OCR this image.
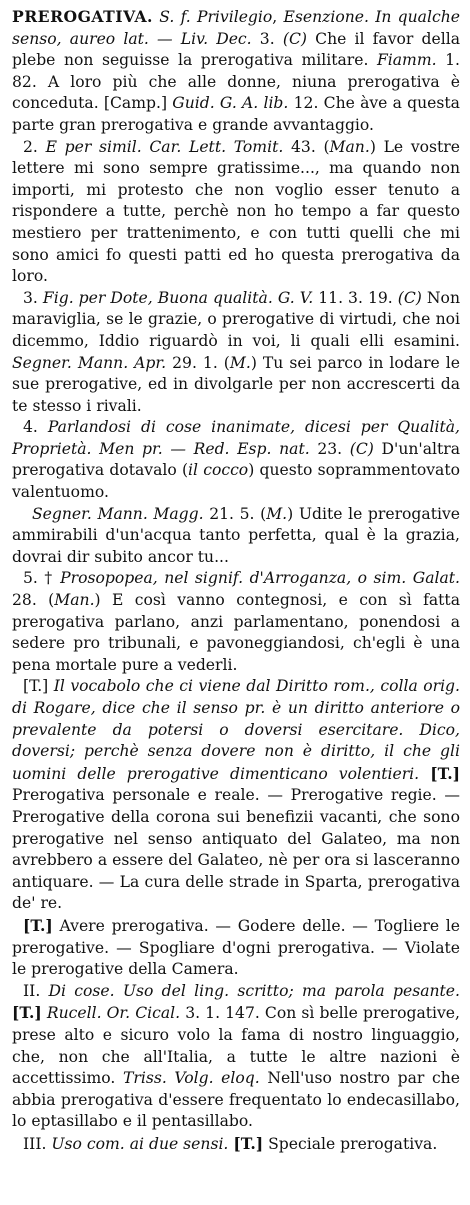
PREROGATIVA. S. f. Privilegio, Esenzione. In qualche senso, aureo lat. — Liv. Dec. 3. (C) Che il favor della plebe non seguisse la prerogativa militare. Fiamm. 1. 82. A loro più che alle donne, niuna prerogativa è conceduta. [Camp.] Guid. G. A. lib. 12. Che àve a questa parte gran prerogativa e grande avvantaggio.

2. E per simil. Car. Lett. Tomit. 43. (Man.) Le vostre lettere mi sono sempre gratissime..., ma quando non importi, mi protesto che non voglio esser tenuto a rispondere a tutte, perchè non ho tempo a far questo mestiero per trattenimento, e con tutti quelli che mi sono amici fo questi patti ed ho questa prerogativa da loro.

3. Fig. per Dote, Buona qualità. G. V. 11. 3. 19. (C) Non maraviglia, se le grazie, o prerogative di virtudi, che noi dicemmo, Iddio riguardò in voi, li quali elli esamini. Segner. Mann. Apr. 29. 1. (M.) Tu sei parco in lodare le sue prerogative, ed in divolgarle per non accrescerti da te stesso i rivali.

4. Parlandosi di cose inanimate, dicesi per Qualità, Proprietà. Men pr. — Red. Esp. nat. 23. (C) D'un'altra prerogativa dotavalo (il cocco) questo soprammentovato valentuomo.

Segner. Mann. Magg. 21. 5. (M.) Udite le prerogative ammirabili d'un'acqua tanto perfetta, qual è la grazia, dovrai dir subito ancor tu...

5. † Prosopopea, nel signif. d'Arroganza, o sim. Galat. 28. (Man.) E così vanno contegnosi, e con sì fatta prerogativa parlano, anzi parlamentano, ponendosi a sedere pro tribunali, e pavoneggiandosi, ch'egli è una pena mortale pure a vederli.

[T.] Il vocabolo che ci viene dal Diritto rom., colla orig. di Rogare, dice che il senso pr. è un diritto anteriore o prevalente da potersi o doversi esercitare. Dico, doversi; perchè senza dovere non è diritto, il che gli uomini delle prerogative dimenticano volentieri. [T.] Prerogativa personale e reale. — Prerogative regie. — Prerogative della corona sui benefizii vacanti, che sono prerogative nel senso antiquato del Galateo, ma non avrebbero a essere del Galateo, nè per ora si lasceranno antiquare. — La cura delle strade in Sparta, prerogativa de' re.

[T.] Avere prerogativa. — Godere delle. — Togliere le prerogative. — Spogliare d'ogni prerogativa. — Violate le prerogative della Camera.

II. Di cose. Uso del ling. scritto; ma parola pesante. [T.] Rucell. Or. Cical. 3. 1. 147. Con sì belle prerogative, prese alto e sicuro volo la fama di nostro linguaggio, che, non che all'Italia, a tutte le altre nazioni è accettissimo. Triss. Volg. eloq. Nell'uso nostro par che abbia prerogativa d'essere frequentato lo endecasillabo, lo eptasillabo e il pentasillabo.

III. Uso com. ai due sensi. [T.] Speciale prerogativa.
